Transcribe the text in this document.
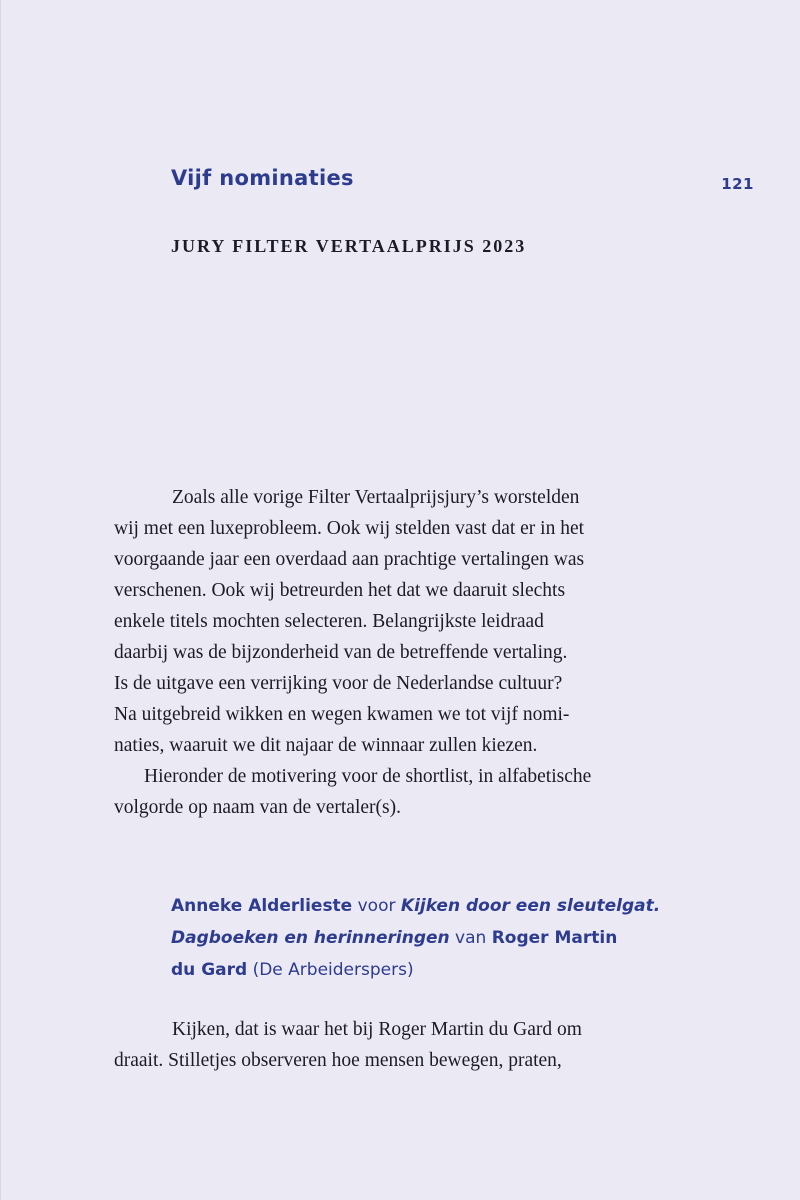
Vijf nominaties	121
JURY FILTER VERTAALPRIJS 2023

Zoals alle vorige Filter Vertaalprijsjury’s worstelden
wij met een luxeprobleem. Ook wij stelden vast dat er in het
voorgaande jaar een overdaad aan prachtige vertalingen was
verschenen. Ook wij betreurden het dat we daaruit slechts
enkele titels mochten selecteren. Belangrijkste leidraad
daarbij was de bijzonderheid van de betreffende vertaling.
Is de uitgave een verrijking voor de Nederlandse cultuur?
Na uitgebreid wikken en wegen kwamen we tot vijf nomi-
naties, waaruit we dit najaar de winnaar zullen kiezen.

Hieronder de motivering voor de shortlist, in alfabetische
volgorde op naam van de vertaler(s).

Anneke Alderlieste voor Kijken door een sleutelgat.
Dagboeken en herinneringen van Roger Martin
du Gard (De Arbeiderspers)

Kijken, dat is waar het bij Roger Martin du Gard om
draait. Stilletjes observeren hoe mensen bewegen, praten,
